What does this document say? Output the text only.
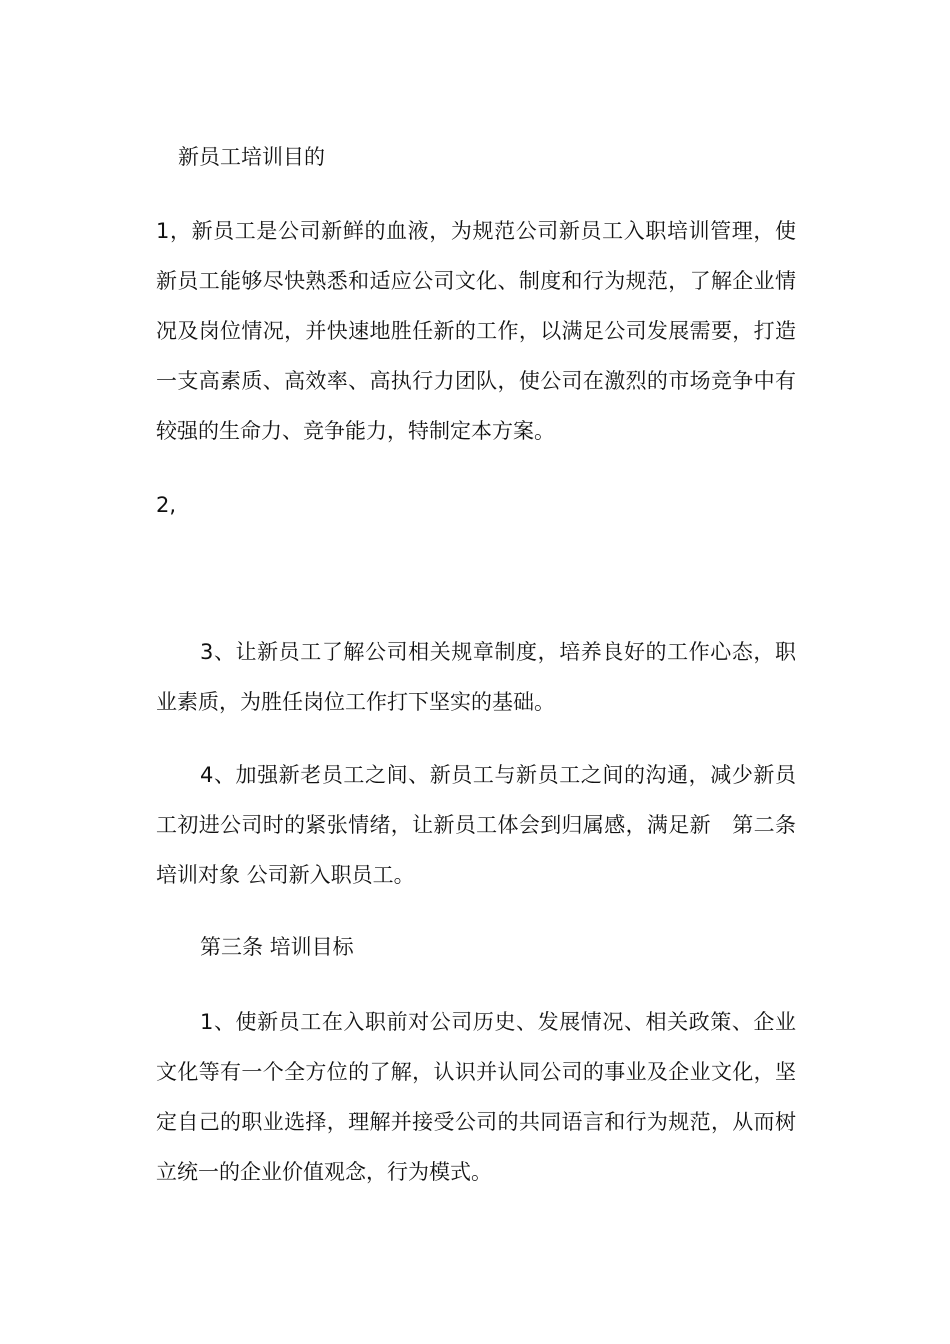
新员工培训目的

1，新员工是公司新鲜的血液，为规范公司新员工入职培训管理，使新员工能够尽快熟悉和适应公司文化、制度和行为规范，了解企业情况及岗位情况，并快速地胜任新的工作，以满足公司发展需要，打造一支高素质、高效率、高执行力团队，使公司在激烈的市场竞争中有较强的生命力、竞争能力，特制定本方案。

2,

3、让新员工了解公司相关规章制度，培养良好的工作心态，职业素质，为胜任岗位工作打下坚实的基础。

4、加强新老员工之间、新员工与新员工之间的沟通，减少新员工初进公司时的紧张情绪，让新员工体会到归属感，满足新　第二条 培训对象 公司新入职员工。

第三条 培训目标

1、使新员工在入职前对公司历史、发展情况、相关政策、企业文化等有一个全方位的了解，认识并认同公司的事业及企业文化，坚定自己的职业选择，理解并接受公司的共同语言和行为规范，从而树立统一的企业价值观念，行为模式。
